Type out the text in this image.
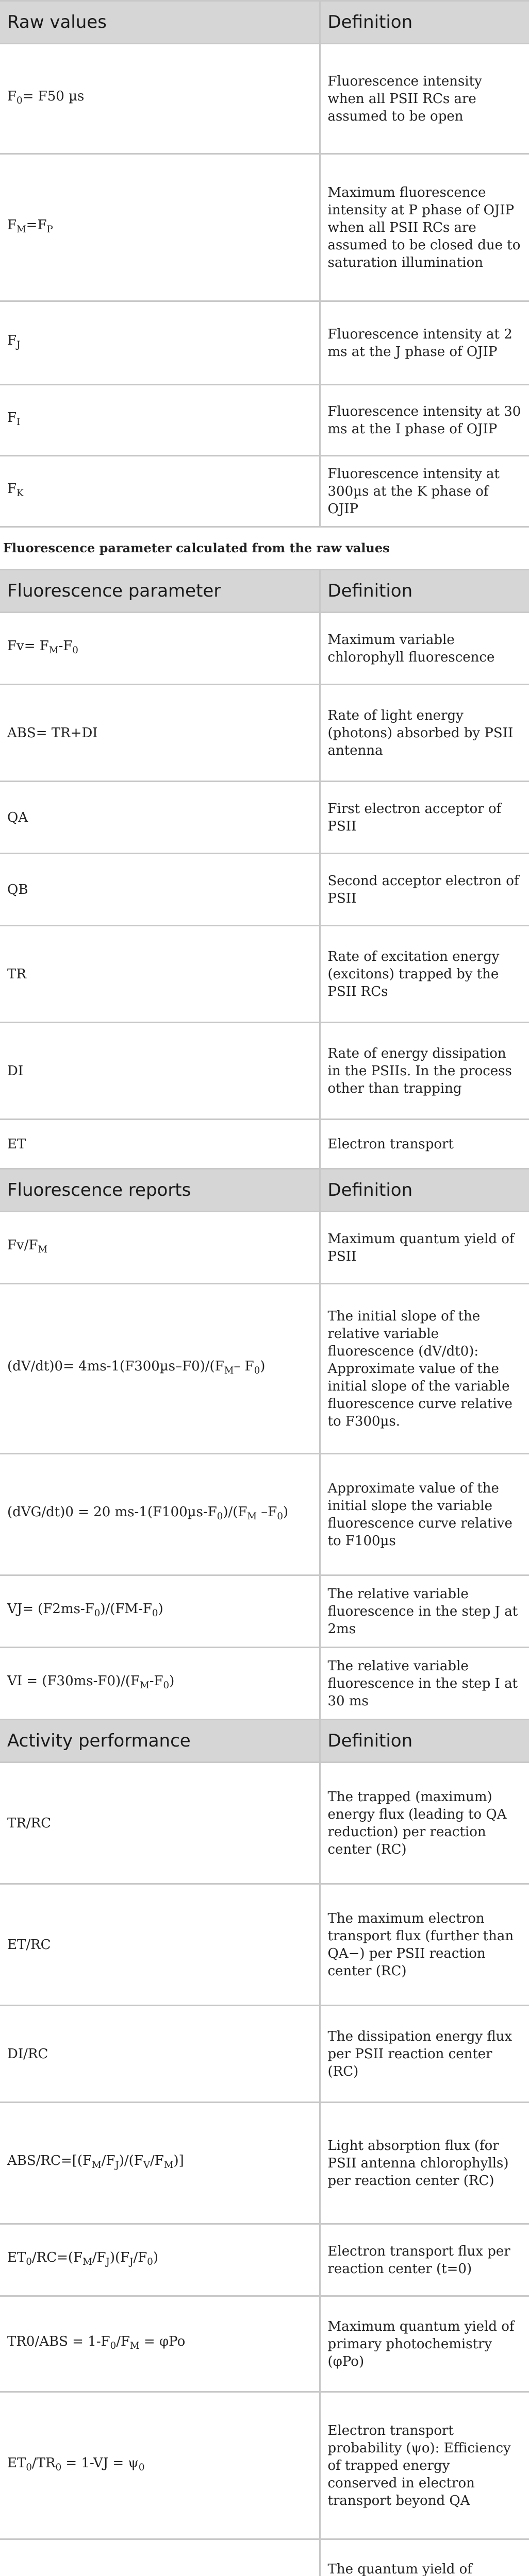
Raw values	Definition
$F_0= F50$ µs	Fluorescence intensity when all PSII RCs are assumed to be open
$F_M=F_P$	Maximum fluorescence intensity at P phase of OJIP when all PSII RCs are assumed to be closed due to saturation illumination
$F_J$	Fluorescence intensity at 2 ms at the J phase of OJIP
$F_I$	Fluorescence intensity at 30 ms at the I phase of OJIP
$F_K$	Fluorescence intensity at 300µs at the K phase of OJIP
Fluorescence parameter calculated from the raw values	
Fluorescence parameter	Definition
$Fv= F_M-F_0$	Maximum variable chlorophyll fluorescence
ABS= TR+DI	Rate of light energy (photons) absorbed by PSII antenna
QA	First electron acceptor of PSII
QB	Second acceptor electron of PSII
TR	Rate of excitation energy (excitons) trapped by the PSII RCs
DI	Rate of energy dissipation in the PSIIs. In the process other than trapping
ET	Electron transport
Fluorescence reports	Definition
$Fv/F_M$	Maximum quantum yield of PSII
$(dV/dt)0= 4ms-1(F300\mu s-F0)/(F_M-$ $F_0$)	The initial slope of the relative variable fluorescence (dV/dt0): Approximate value of the initial slope of the variable fluorescence curve relative to F300µs.
(dVG/dt)0 = 20 $ms-1(F100\mu s-F_0)/(F_M$ $-F_0$)	Approximate value of the initial slope the variable fluorescence curve relative to F100µs
$VJ= (F2ms-F_0)/(FM-F_0)$	The relative variable fluorescence in the step J at 2ms
VI = $(F30ms-F0)/(F_M-F_0)$	The relative variable fluorescence in the step I at 30 ms
Activity performance	Definition
TR/RC	The trapped (maximum) energy flux (leading to QA reduction) per reaction center (RC)
ET/RC	The maximum electron transport flux (further than QA−) per PSII reaction center (RC)
DI/RC	The dissipation energy flux per PSII reaction center (RC)
ABS/$RC=[(F_M/F_J)/(F_V/F_M)]$	Light absorption flux (for PSII antenna chlorophylls) per reaction center (RC)
$ET_0/RC=(F_M/F_J)(F_J/F_0)$	Electron transport flux per reaction center (t=0)
$TR0/ABS = 1-F_0/F_M = \varphi Po$	Maximum quantum yield of primary photochemistry (φPo)
$ET_0/TR_0 = 1-VJ = \psi_0$	Electron transport probability (ψo): Efficiency of trapped energy conserved in electron transport beyond QA
	The quantum yield of
